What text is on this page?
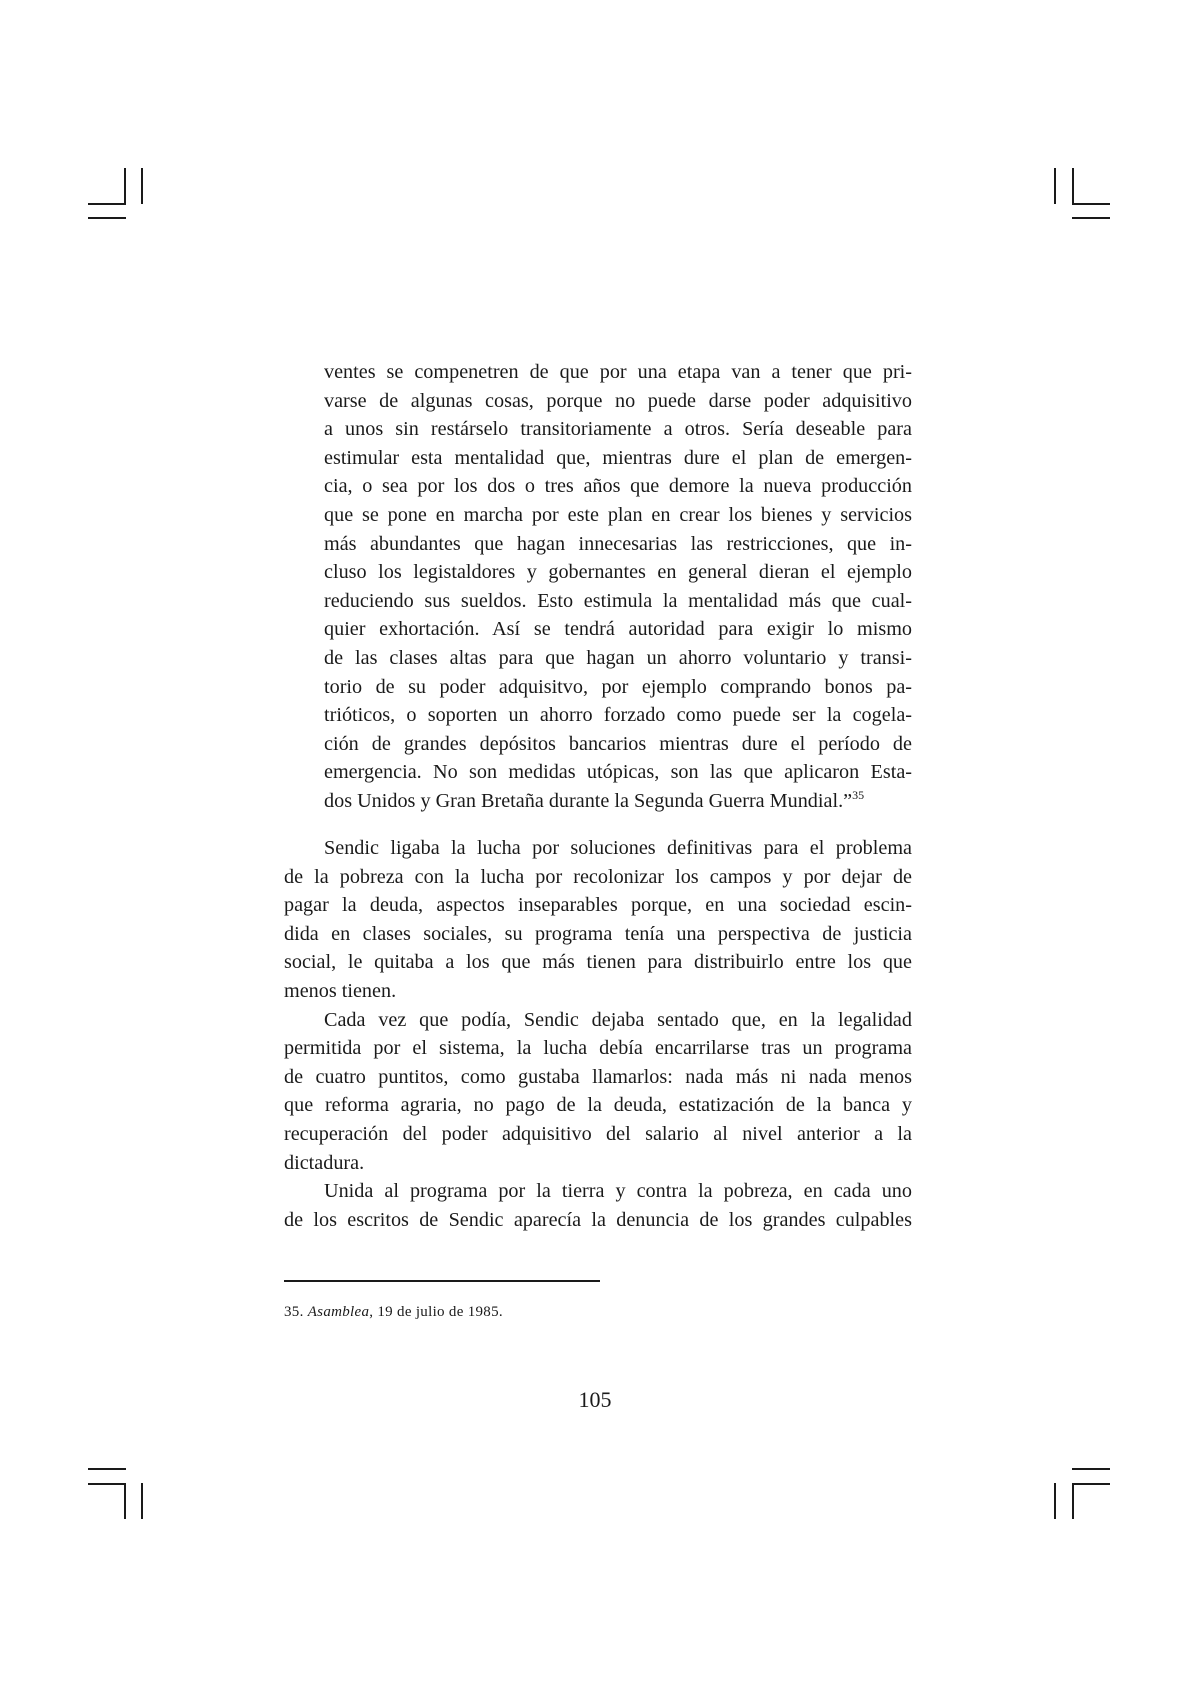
ventes se compenetren de que por una etapa van a tener que pri-

varse de algunas cosas, porque no puede darse poder adquisitivo

a unos sin restárselo transitoriamente a otros. Sería deseable para

estimular esta mentalidad que, mientras dure el plan de emergen-

cia, o sea por los dos o tres años que demore la nueva producción

que se pone en marcha por este plan en crear los bienes y servicios

más abundantes que hagan innecesarias las restricciones, que in-

cluso los legistaldores y gobernantes en general dieran el ejemplo

reduciendo sus sueldos. Esto estimula la mentalidad más que cual-

quier exhortación. Así se tendrá autoridad para exigir lo mismo

de las clases altas para que hagan un ahorro voluntario y transi-

torio de su poder adquisitvo, por ejemplo comprando bonos pa-

trióticos, o soporten un ahorro forzado como puede ser la cogela-

ción de grandes depósitos bancarios mientras dure el período de

emergencia. No son medidas utópicas, son las que aplicaron Esta-

dos Unidos y Gran Bretaña durante la Segunda Guerra Mundial.”$^{35}$

Sendic ligaba la lucha por soluciones definitivas para el problema

de la pobreza con la lucha por recolonizar los campos y por dejar de

pagar la deuda, aspectos inseparables porque, en una sociedad escin-

dida en clases sociales, su programa tenía una perspectiva de justicia

social, le quitaba a los que más tienen para distribuirlo entre los que

menos tienen.

Cada vez que podía, Sendic dejaba sentado que, en la legalidad

permitida por el sistema, la lucha debía encarrilarse tras un programa

de cuatro puntitos, como gustaba llamarlos: nada más ni nada menos

que reforma agraria, no pago de la deuda, estatización de la banca y

recuperación del poder adquisitivo del salario al nivel anterior a la

dictadura.

Unida al programa por la tierra y contra la pobreza, en cada uno

de los escritos de Sendic aparecía la denuncia de los grandes culpables

35. Asamblea, 19 de julio de 1985.
105
